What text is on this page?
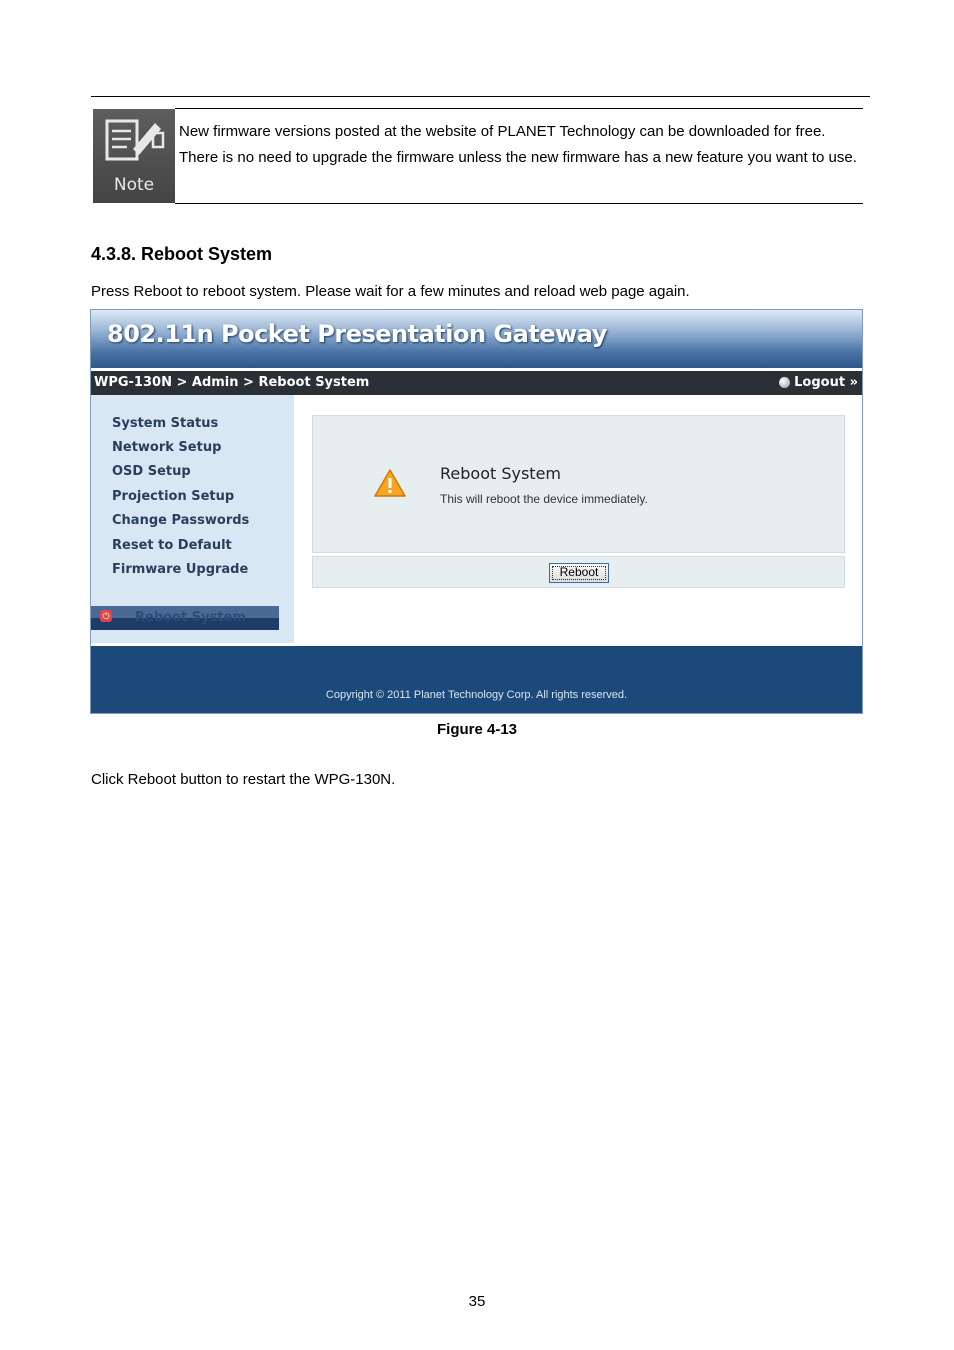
Note
New firmware versions posted at the website of PLANET Technology can be downloaded for free. There is no need to upgrade the firmware unless the new firmware has a new feature you want to use.
4.3.8. Reboot System
Press Reboot to reboot system. Please wait for a few minutes and reload web page again.
802.11n Pocket Presentation Gateway
WPG-130N > Admin > Reboot System	Logout »
System Status
Network Setup
OSD Setup
Projection Setup
Change Passwords
Reset to Default
Firmware Upgrade
⏻ Reboot System
Reboot System
This will reboot the device immediately.
Reboot
Copyright © 2011 Planet Technology Corp. All rights reserved.
Figure 4-13
Click Reboot button to restart the WPG-130N.
35
